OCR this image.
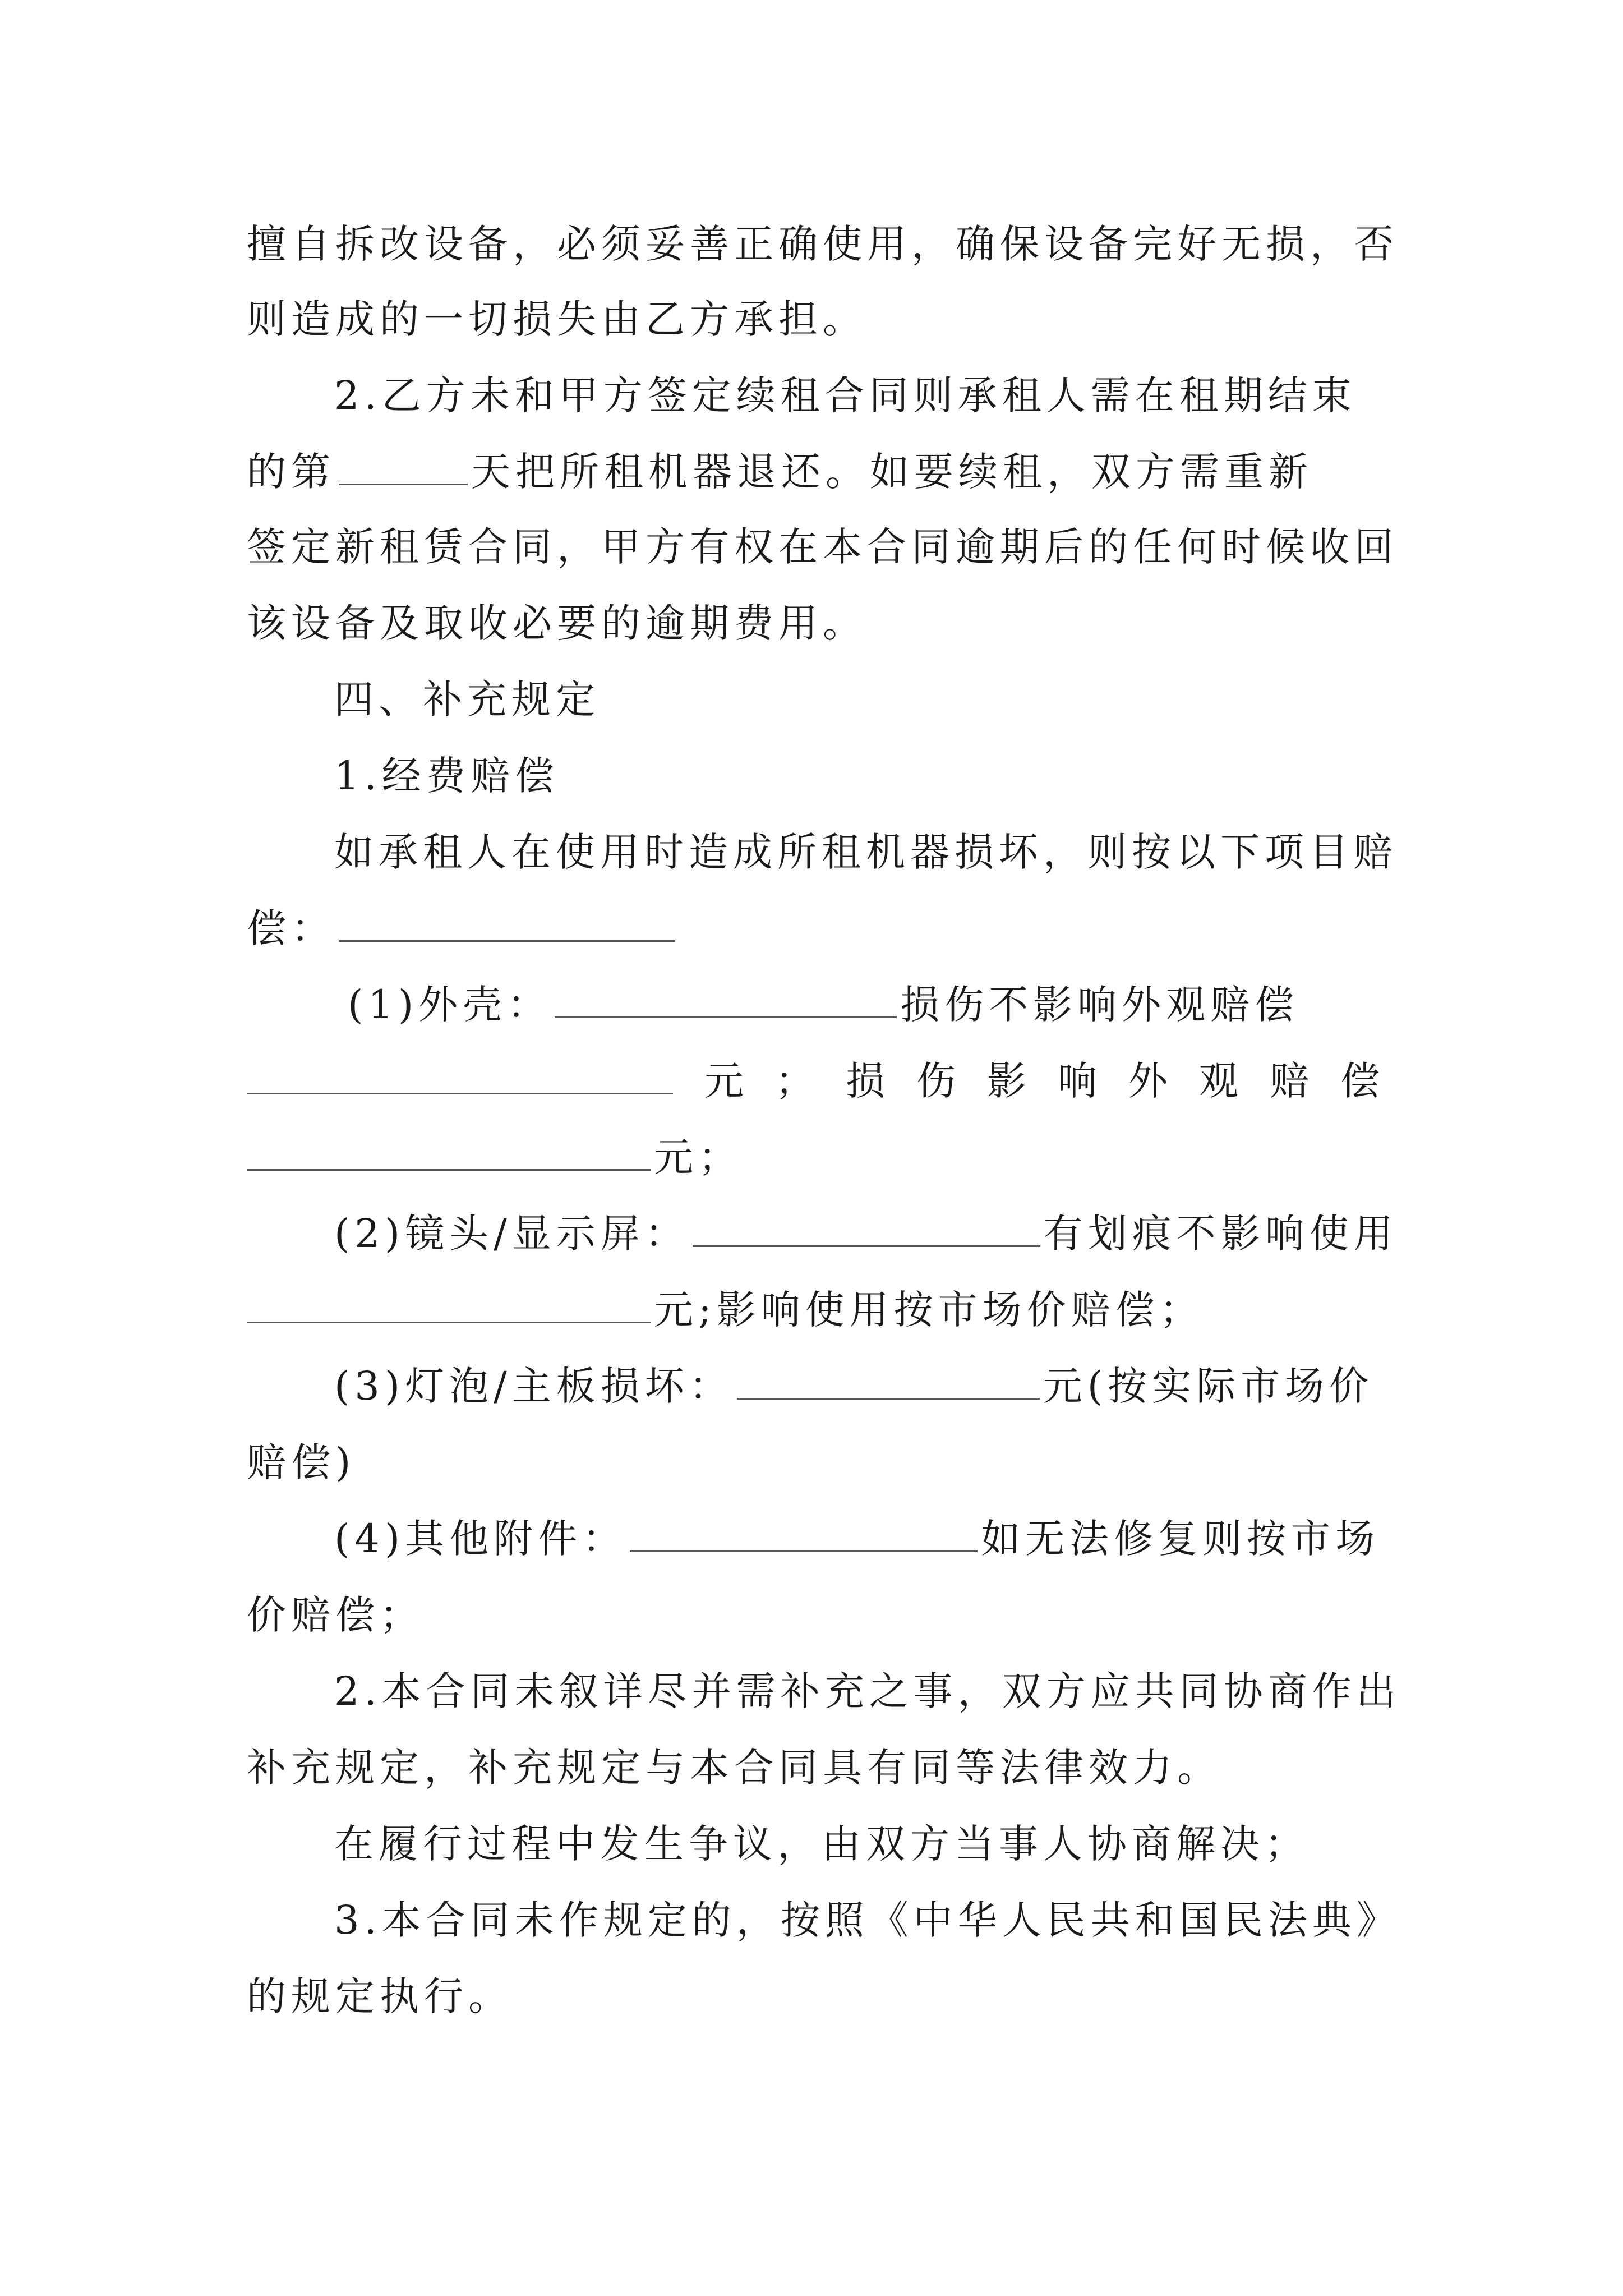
擅自拆改设备，必须妥善正确使用，确保设备完好无损，否
则造成的一切损失由乙方承担。
2.乙方未和甲方签定续租合同则承租人需在租期结束
的第	天把所租机器退还。如要续租，双方需重新
签定新租赁合同，甲方有权在本合同逾期后的任何时候收回
该设备及取收必要的逾期费用。
四、补充规定
1.经费赔偿
如承租人在使用时造成所租机器损坏，则按以下项目赔
偿：
(1)外壳：	损伤不影响外观赔偿
元 ； 损 伤 影 响 外 观 赔 偿
元；
(2)镜头/显示屏：	有划痕不影响使用
元;影响使用按市场价赔偿；
(3)灯泡/主板损坏：	元(按实际市场价
赔偿)
(4)其他附件：	如无法修复则按市场
价赔偿；
2.本合同未叙详尽并需补充之事，双方应共同协商作出
补充规定，补充规定与本合同具有同等法律效力。
在履行过程中发生争议，由双方当事人协商解决；
3.本合同未作规定的，按照《中华人民共和国民法典》
的规定执行。
